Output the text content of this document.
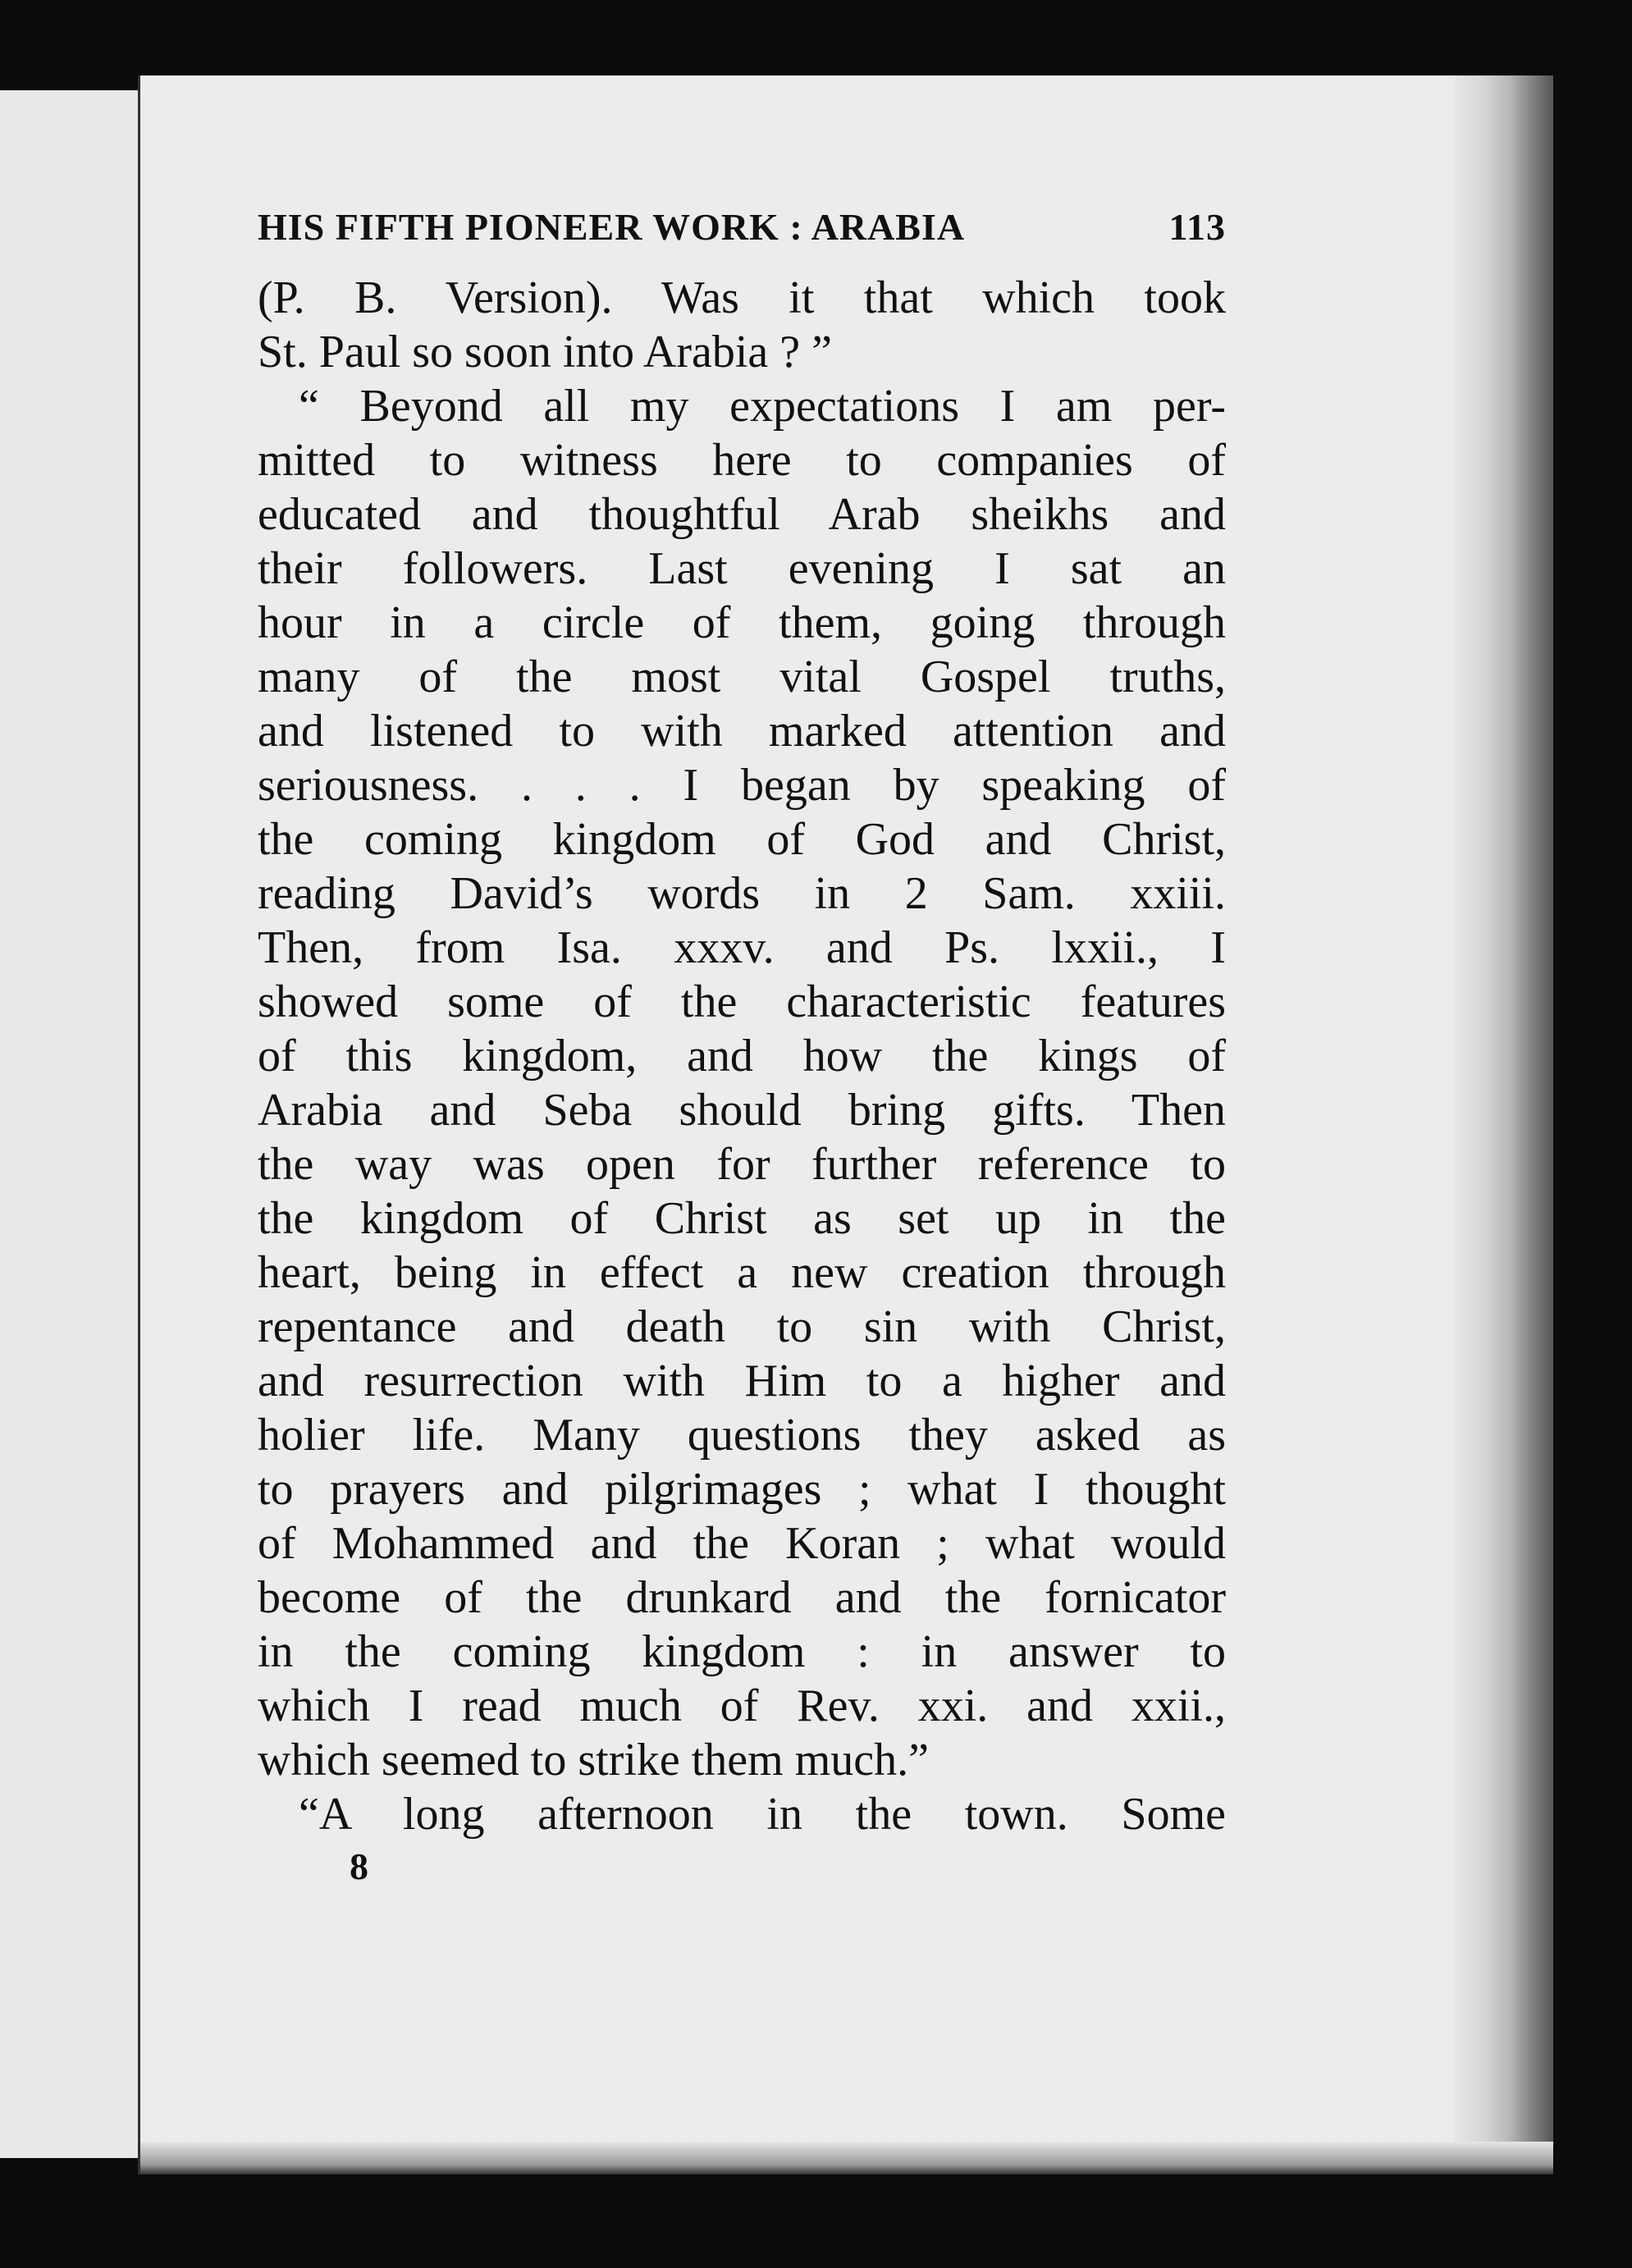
HIS FIFTH PIONEER WORK : ARABIA	113
(P. B. Version). Was it that which took
St. Paul so soon into Arabia ? ”
“ Beyond all my expectations I am per-
mitted to witness here to companies of
educated and thoughtful Arab sheikhs and
their followers. Last evening I sat an
hour in a circle of them, going through
many of the most vital Gospel truths,
and listened to with marked attention and
seriousness. . . . I began by speaking of
the coming kingdom of God and Christ,
reading David’s words in 2 Sam. xxiii.
Then, from Isa. xxxv. and Ps. lxxii., I
showed some of the characteristic features
of this kingdom, and how the kings of
Arabia and Seba should bring gifts. Then
the way was open for further reference to
the kingdom of Christ as set up in the
heart, being in effect a new creation through
repentance and death to sin with Christ,
and resurrection with Him to a higher and
holier life. Many questions they asked as
to prayers and pilgrimages ; what I thought
of Mohammed and the Koran ; what would
become of the drunkard and the fornicator
in the coming kingdom : in answer to
which I read much of Rev. xxi. and xxii.,
which seemed to strike them much.”
“A long afternoon in the town. Some
8
